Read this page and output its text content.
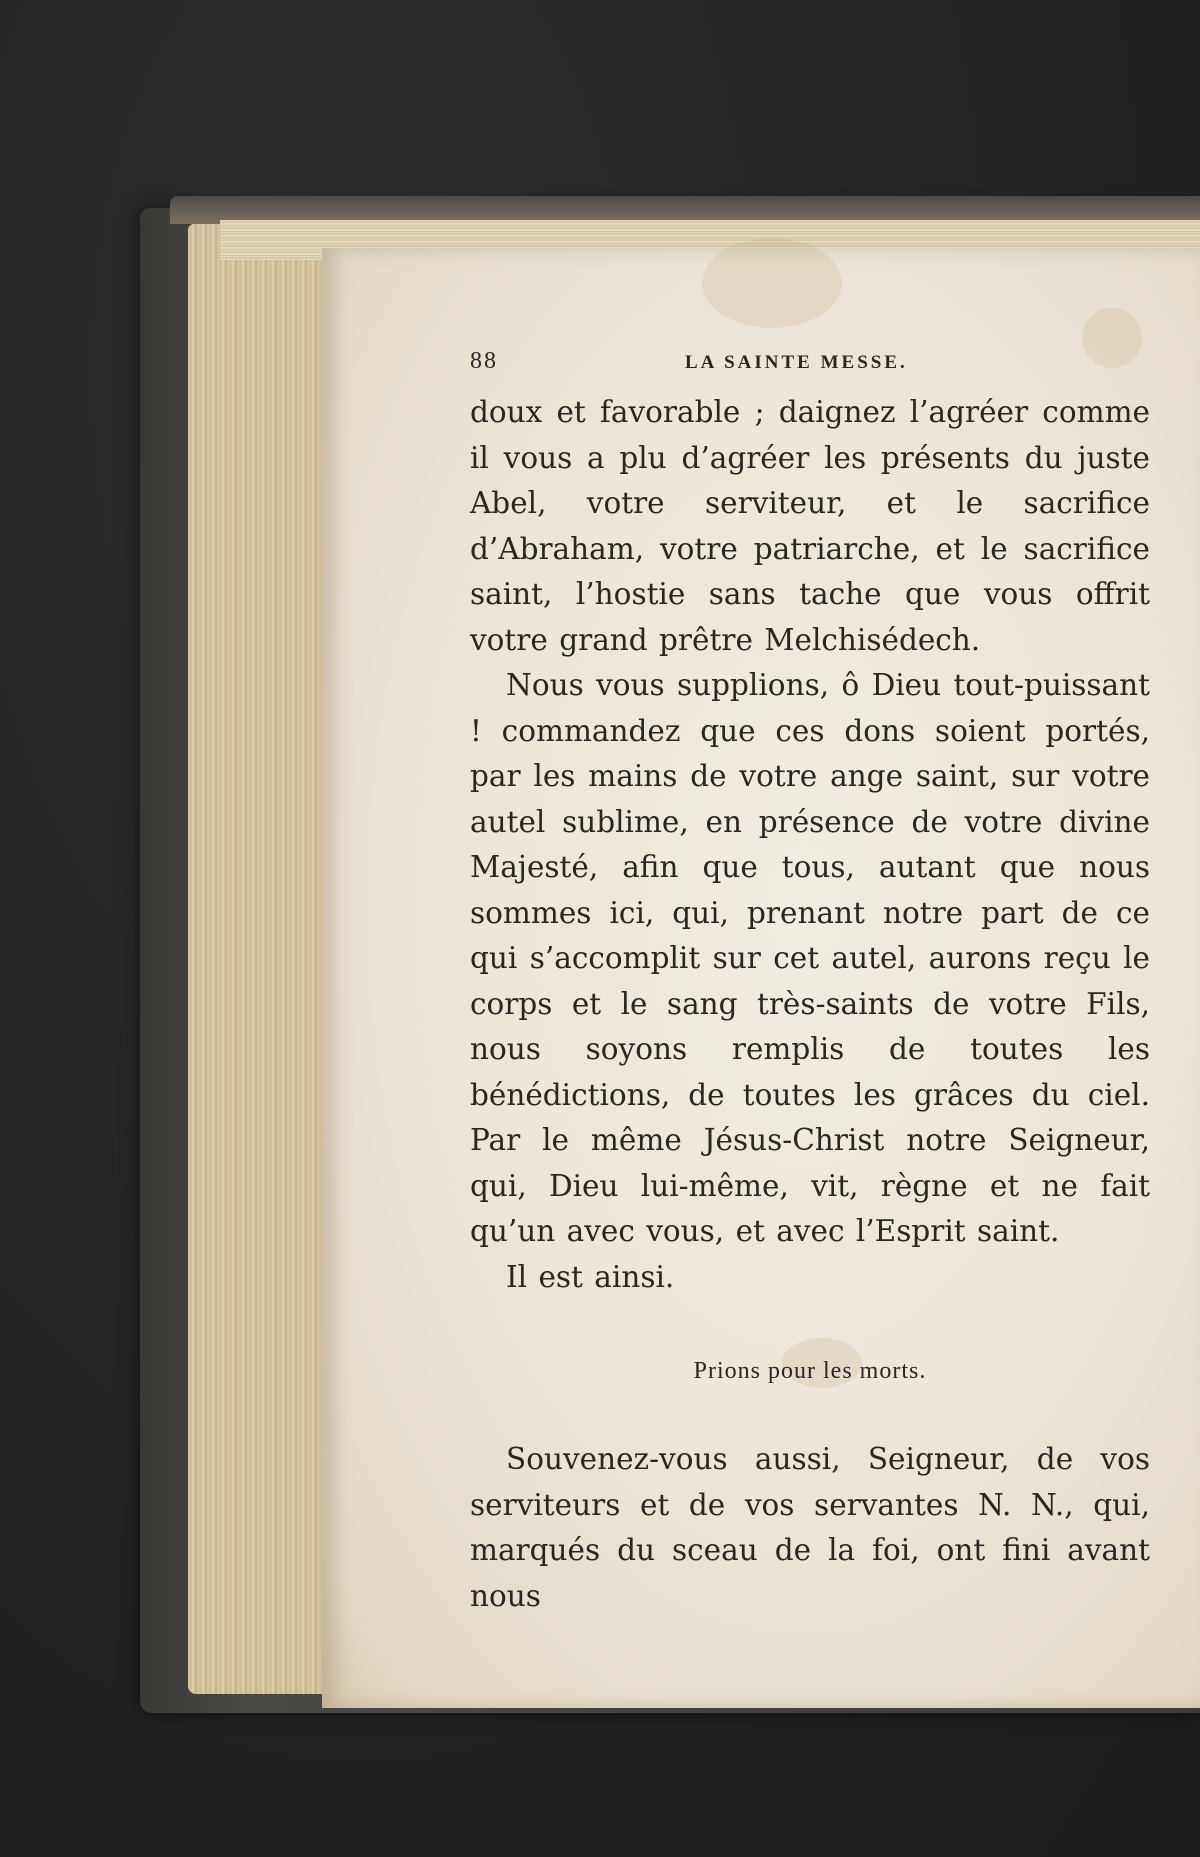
88	LA SAINTE MESSE.

doux et favorable ; daignez l’agréer comme il vous a plu d’agréer les présents du juste Abel, votre serviteur, et le sacrifice d’Abraham, votre patriarche, et le sacrifice saint, l’hostie sans tache que vous offrit votre grand prêtre Melchisédech.

Nous vous supplions, ô Dieu tout-puissant ! commandez que ces dons soient portés, par les mains de votre ange saint, sur votre autel sublime, en présence de votre divine Majesté, afin que tous, autant que nous sommes ici, qui, prenant notre part de ce qui s’accomplit sur cet autel, aurons reçu le corps et le sang très-saints de votre Fils, nous soyons remplis de toutes les bénédictions, de toutes les grâces du ciel. Par le même Jésus-Christ notre Seigneur, qui, Dieu lui-même, vit, règne et ne fait qu’un avec vous, et avec l’Esprit saint.

Il est ainsi.

Prions pour les morts.

Souvenez-vous aussi, Seigneur, de vos serviteurs et de vos servantes N. N., qui, marqués du sceau de la foi, ont fini avant nous
